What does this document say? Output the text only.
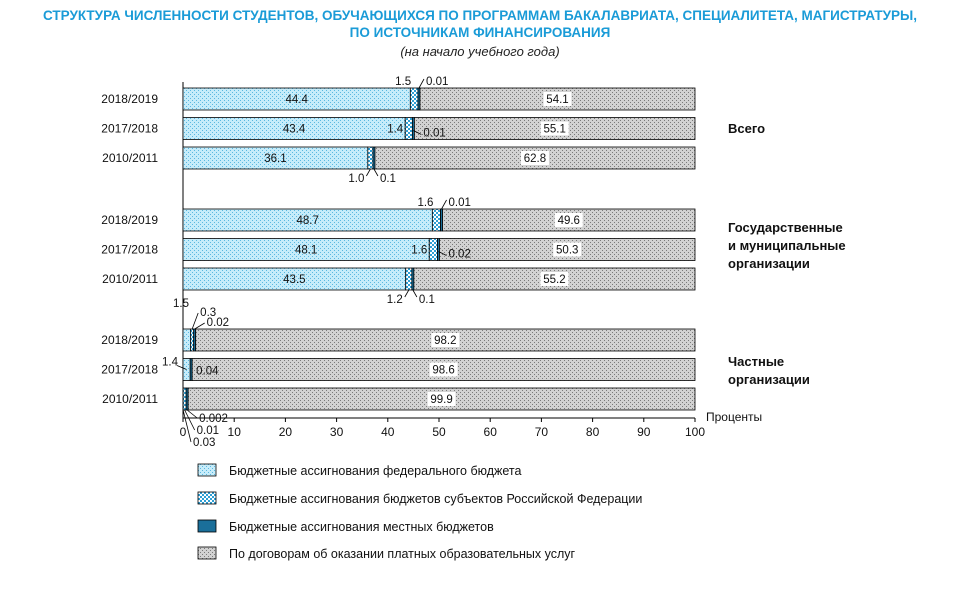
СТРУКТУРА ЧИСЛЕННОСТИ СТУДЕНТОВ, ОБУЧАЮЩИХСЯ ПО ПРОГРАММАМ БАКАЛАВРИАТА, СПЕЦИАЛИТЕТА, МАГИСТРАТУРЫ,
ПО ИСТОЧНИКАМ ФИНАНСИРОВАНИЯ
(на начало учебного года)
0	10	20	30	40	50	60	70	80	90	100
Проценты
2018/2019	44.4	54.1
1.5 0.01
2017/2018	43.4	55.1
1.4 0.01
2010/2011	36.1	62.8
1.0 0.1
2018/2019	48.7	49.6
1.6 0.01
2017/2018	48.1	50.3
1.6 0.02
2010/2011	43.5	55.2
1.2 0.1
2018/2019	98.2
1.5
0.3
0.02
2017/2018	98.6
1.4
0.04
2010/2011	99.9
0.03
0.01
0.002
Всего
Государственные
и муниципальные
организации
Частные
организации
Бюджетные ассигнования федерального бюджета
Бюджетные ассигнования бюджетов субъектов Российской Федерации
Бюджетные ассигнования местных бюджетов
По договорам об оказании платных образовательных услуг
